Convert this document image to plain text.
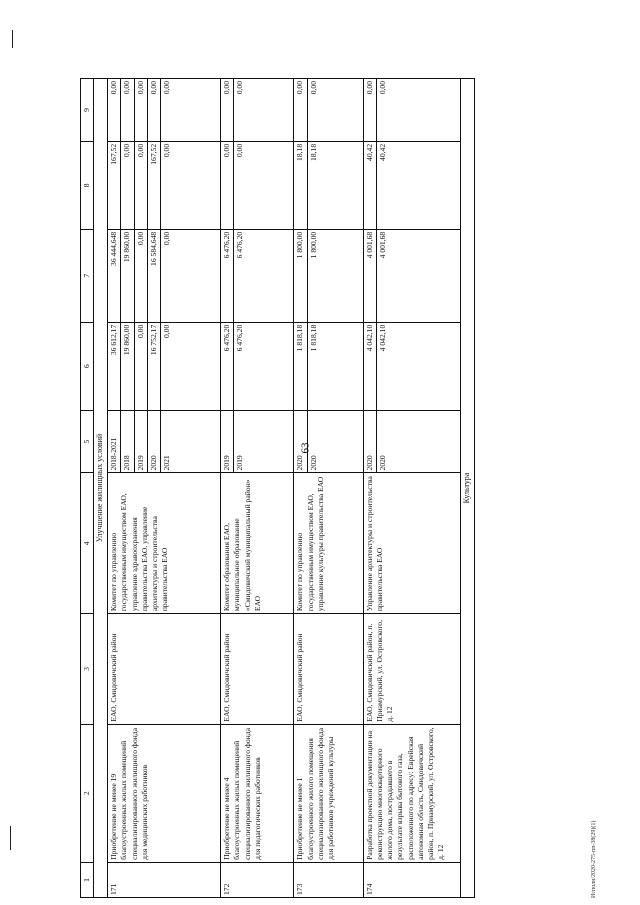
63
1	2	3	4	5	6	7	8	9
Улучшение жилищных условий								
171	Приобретение не менее 19 благоустроенных жилых помещений специализированного жилищного фонда для медицинских работников	ЕАО, Смидовичский район	Комитет по управлению государственным имуществом ЕАО, управление здравоохранения правительства ЕАО, управление архитектуры и строительства правительства ЕАО	2018-2021	36 612,17	36 444,648	167,52	0,00
				2018	19 860,00	19 860,00	0,00	0,00
				2019	0,00	0,00	0,00	0,00
				2020	16 752,17	16 584,648	167,52	0,00
				2021	0,00	0,00	0,00	0,00
172	Приобретение не менее 4 благоустроенных жилых помещений специализированного жилищного фонда для педагогических работников	ЕАО, Смидовичский район	Комитет образования ЕАО, муниципальное образование «Смидовичский муниципальный район» ЕАО	2019	6 476,20	6 476,20	0,00	0,00
				2019	6 476,20	6 476,20	0,00	0,00
173	Приобретение не менее 1 благоустроенного жилого помещения специализированного жилищного фонда для работников учреждений культуры	ЕАО, Смидовичский район	Комитет по управлению государственным имуществом ЕАО, управление культуры правительства ЕАО	2020	1 818,18	1 800,00	18,18	0,00
				2020	1 818,18	1 800,00	18,18	0,00
174	Разработка проектной документации на реконструкцию многоквартирного жилого дома, пострадавшего в результате взрыва бытового газа, расположенного по адресу: Еврейская автономная область, Смидовичский район, п. Приамурский, ул. Островского, д. 12	ЕАО, Смидовичский район, п. Приамурский, ул. Островского, д. 12	Управление архитектуры и строительства правительства ЕАО	2020	4 042,10	4 001,68	40,42	0,00
				2020	4 042,10	4 001,68	40,42	0,00
Культура								
Исполн/2020-275-пп-38(29)(1)
